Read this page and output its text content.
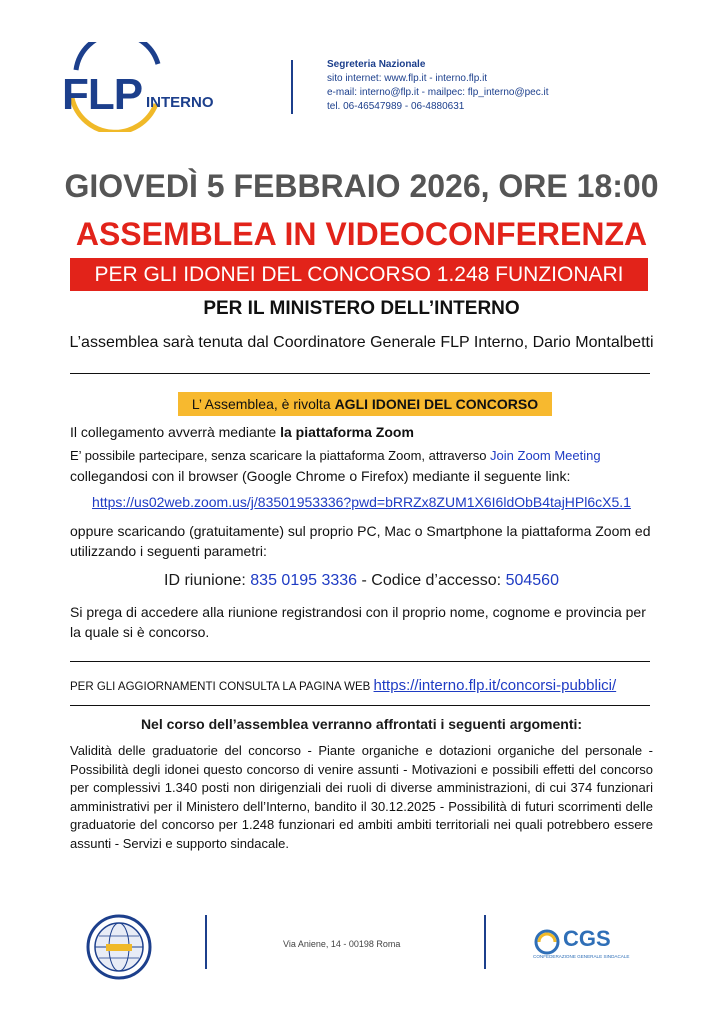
FLP INTERNO
Segreteria Nazionale
sito internet: www.flp.it - interno.flp.it
e-mail: interno@flp.it - mailpec: flp_interno@pec.it
tel. 06-46547989 - 06-4880631
GIOVEDÌ 5 FEBBRAIO 2026, ORE 18:00
ASSEMBLEA IN VIDEOCONFERENZA
PER GLI IDONEI DEL CONCORSO 1.248 FUNZIONARI
PER IL MINISTERO DELL’INTERNO
L’assemblea sarà tenuta dal Coordinatore Generale FLP Interno, Dario Montalbetti
L’ Assemblea, è rivolta AGLI IDONEI DEL CONCORSO
Il collegamento avverrà mediante la piattaforma Zoom
E’ possibile partecipare, senza scaricare la piattaforma Zoom, attraverso Join Zoom Meeting
collegandosi con il browser (Google Chrome o Firefox) mediante il seguente link:
https://us02web.zoom.us/j/83501953336?pwd=bRRZx8ZUM1X6I6ldObB4tajHPl6cX5.1
oppure scaricando (gratuitamente) sul proprio PC, Mac o Smartphone la piattaforma Zoom ed utilizzando i seguenti parametri:
ID riunione: 835 0195 3336 - Codice d’accesso: 504560
Si prega di accedere alla riunione registrandosi con il proprio nome, cognome e provincia per la quale si è concorso.
PER GLI AGGIORNAMENTI CONSULTA LA PAGINA WEB https://interno.flp.it/concorsi-pubblici/
Nel corso dell’assemblea verranno affrontati i seguenti argomenti:
Validità delle graduatorie del concorso - Piante organiche e dotazioni organiche del personale - Possibilità degli idonei questo concorso di venire assunti - Motivazioni e possibili effetti del concorso per complessivi 1.340 posti non dirigenziali dei ruoli di diverse amministrazioni, di cui 374 funzionari amministrativi per il Ministero dell’Interno, bandito il 30.12.2025 - Possibilità di futuri scorrimenti delle graduatorie del concorso per 1.248 funzionari ed ambiti ambiti territoriali nei quali potrebbero essere assunti - Servizi e supporto sindacale.
Via Aniene, 14 - 00198 Roma	CGS
CONFEDERAZIONE GENERALE SINDACALE
